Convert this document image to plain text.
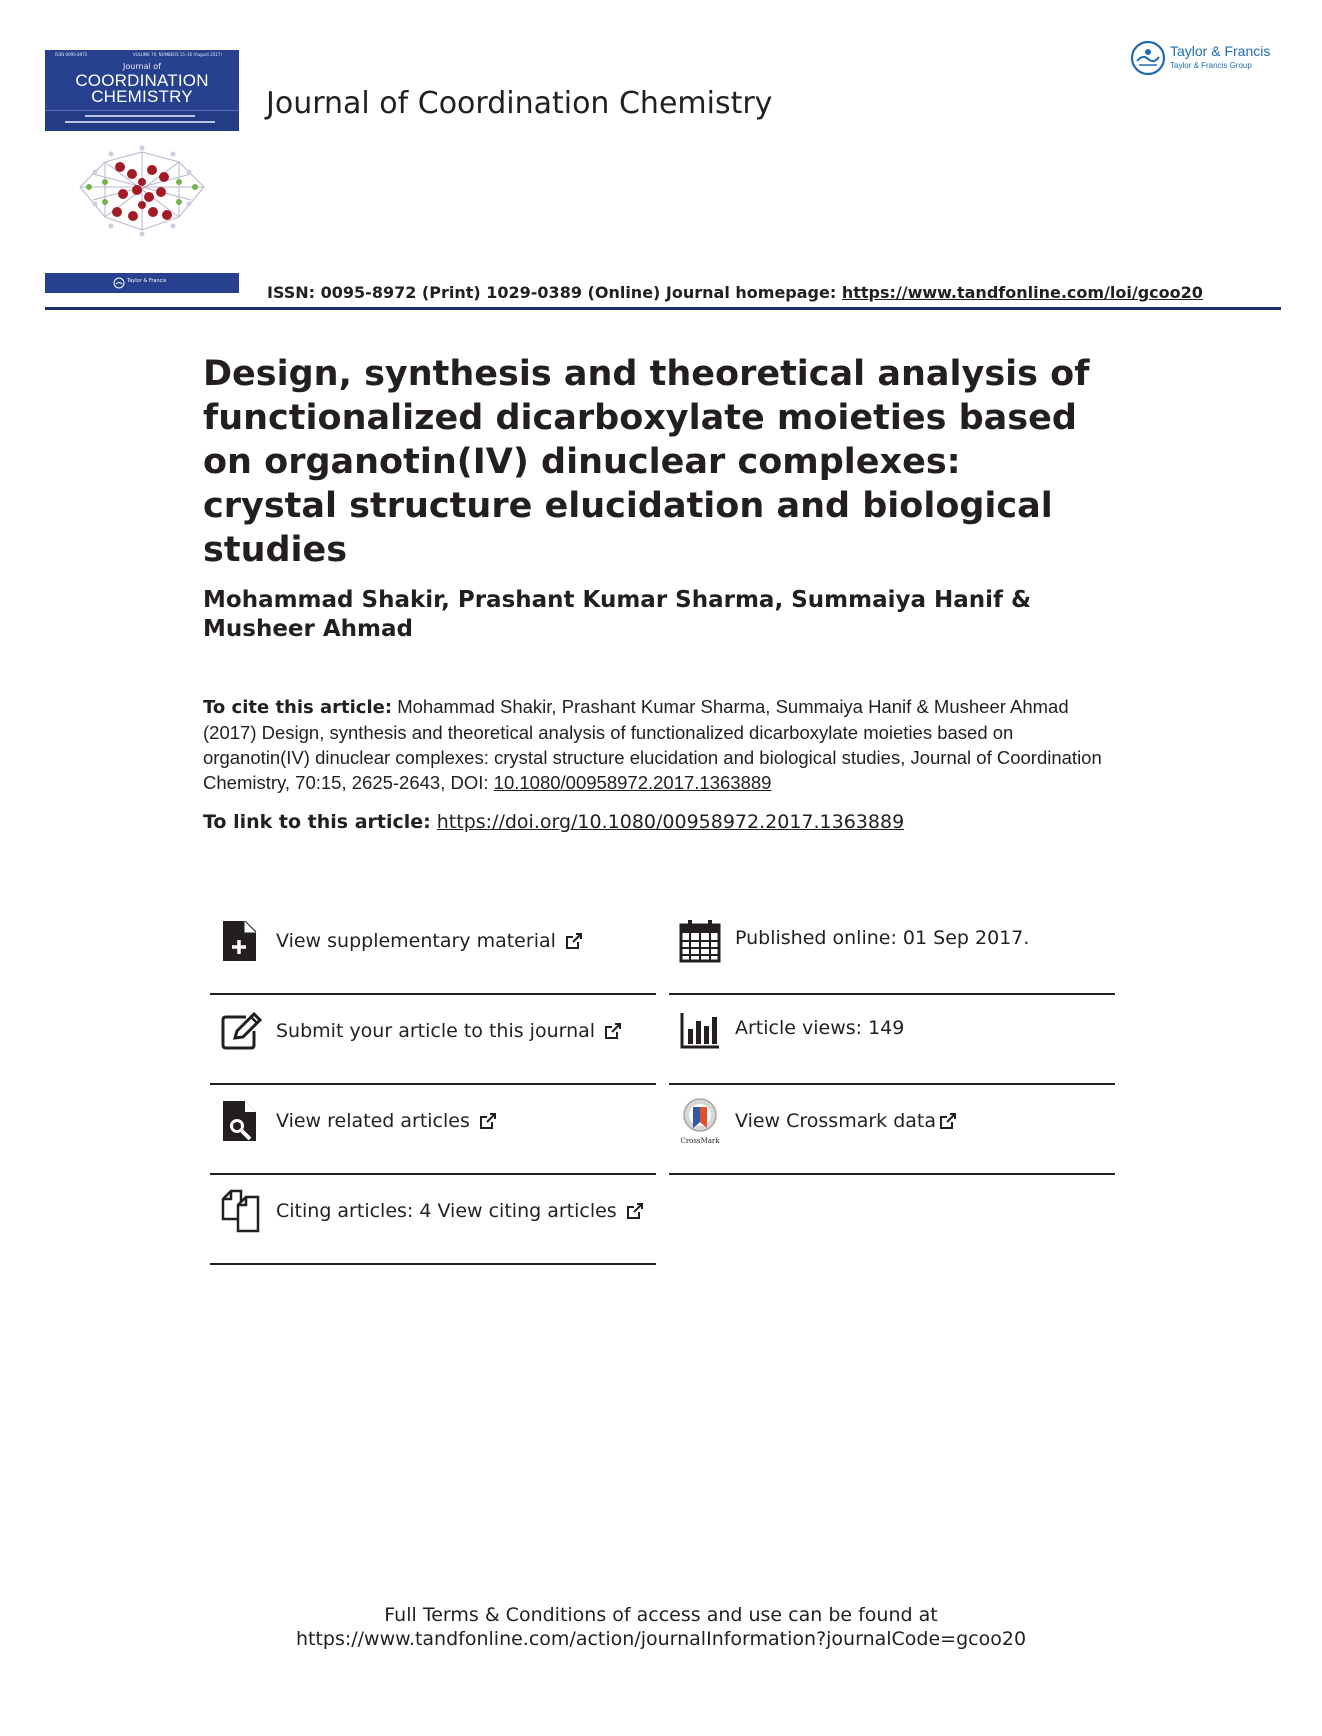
ISSN 0095-8972	VOLUME 70, NUMBERS 15–16 (August 2017)
Journal of
COORDINATION
CHEMISTRY
Taylor & Francis
Journal of Coordination Chemistry
Taylor & Francis
Taylor & Francis Group
ISSN: 0095-8972 (Print) 1029-0389 (Online) Journal homepage: https://www.tandfonline.com/loi/gcoo20
Design, synthesis and theoretical analysis of functionalized dicarboxylate moieties based on organotin(IV) dinuclear complexes: crystal structure elucidation and biological studies
Mohammad Shakir, Prashant Kumar Sharma, Summaiya Hanif & Musheer Ahmad
To cite this article: Mohammad Shakir, Prashant Kumar Sharma, Summaiya Hanif & Musheer Ahmad (2017) Design, synthesis and theoretical analysis of functionalized dicarboxylate moieties based on organotin(IV) dinuclear complexes: crystal structure elucidation and biological studies, Journal of Coordination Chemistry, 70:15, 2625-2643, DOI: 10.1080/00958972.2017.1363889
To link to this article: https://doi.org/10.1080/00958972.2017.1363889
View supplementary material
Submit your article to this journal
View related articles
Citing articles: 4 View citing articles
Published online: 01 Sep 2017.
Article views: 149
CrossMark
View Crossmark data
Full Terms & Conditions of access and use can be found at
https://www.tandfonline.com/action/journalInformation?journalCode=gcoo20
